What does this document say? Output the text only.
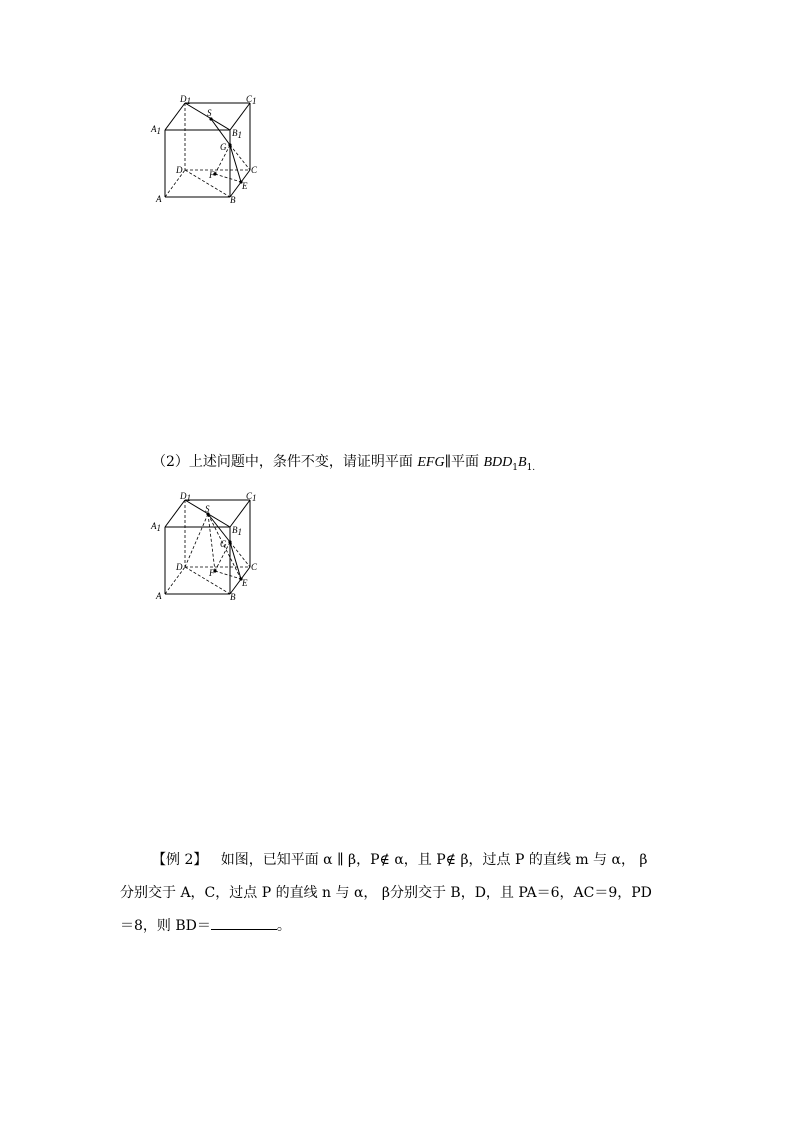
D1	C1
A1	B1
S
G
D	C
F
E
A	B
（2）上述问题中，条件不变，请证明平面 EFG∥平面 $BDD_1B_{1.}$
D1	C1
A1	B1
S
G
D	C
F
E
A	B
【例 2】 如图，已知平面 α ∥ β，P∉ α，且 P∉ β，过点 P 的直线 m 与 α， β
分别交于 A，C，过点 P 的直线 n 与 α， β分别交于 B，D，且 PA＝6，AC＝9，PD
＝8，则 BD＝	。
